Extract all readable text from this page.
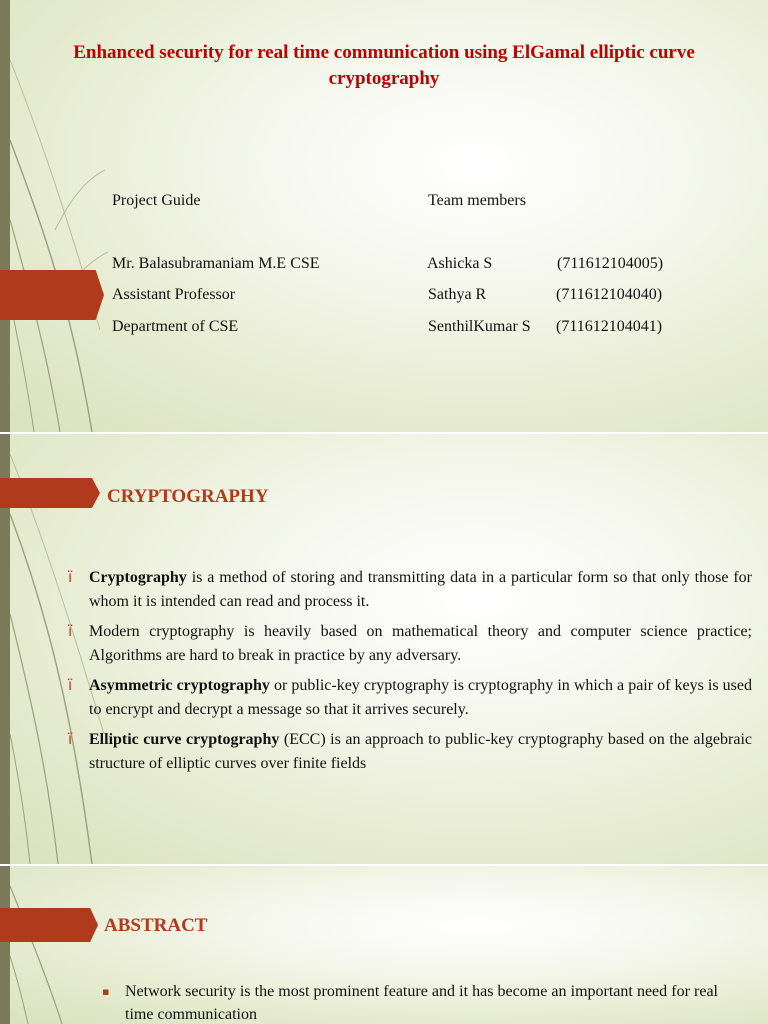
Enhanced security for real time communication using ElGamal elliptic curve cryptography
Project Guide	Team members
Mr. Balasubramaniam M.E CSE
Assistant Professor
Department of CSE
Ashicka S	(711612104005)
Sathya R	(711612104040)
SenthilKumar S (711612104041)
CRYPTOGRAPHY
ï Cryptography is a method of storing and transmitting data in a particular form so that only those for whom it is intended can read and process it.
ï Modern cryptography is heavily based on mathematical theory and computer science practice; Algorithms are hard to break in practice by any adversary.
ï Asymmetric cryptography or public-key cryptography is cryptography in which a pair of keys is used to encrypt and decrypt a message so that it arrives securely.
ï Elliptic curve cryptography (ECC) is an approach to public-key cryptography based on the algebraic structure of elliptic curves over finite fields
ABSTRACT
▪ Network security is the most prominent feature and it has become an important need for real time communication
